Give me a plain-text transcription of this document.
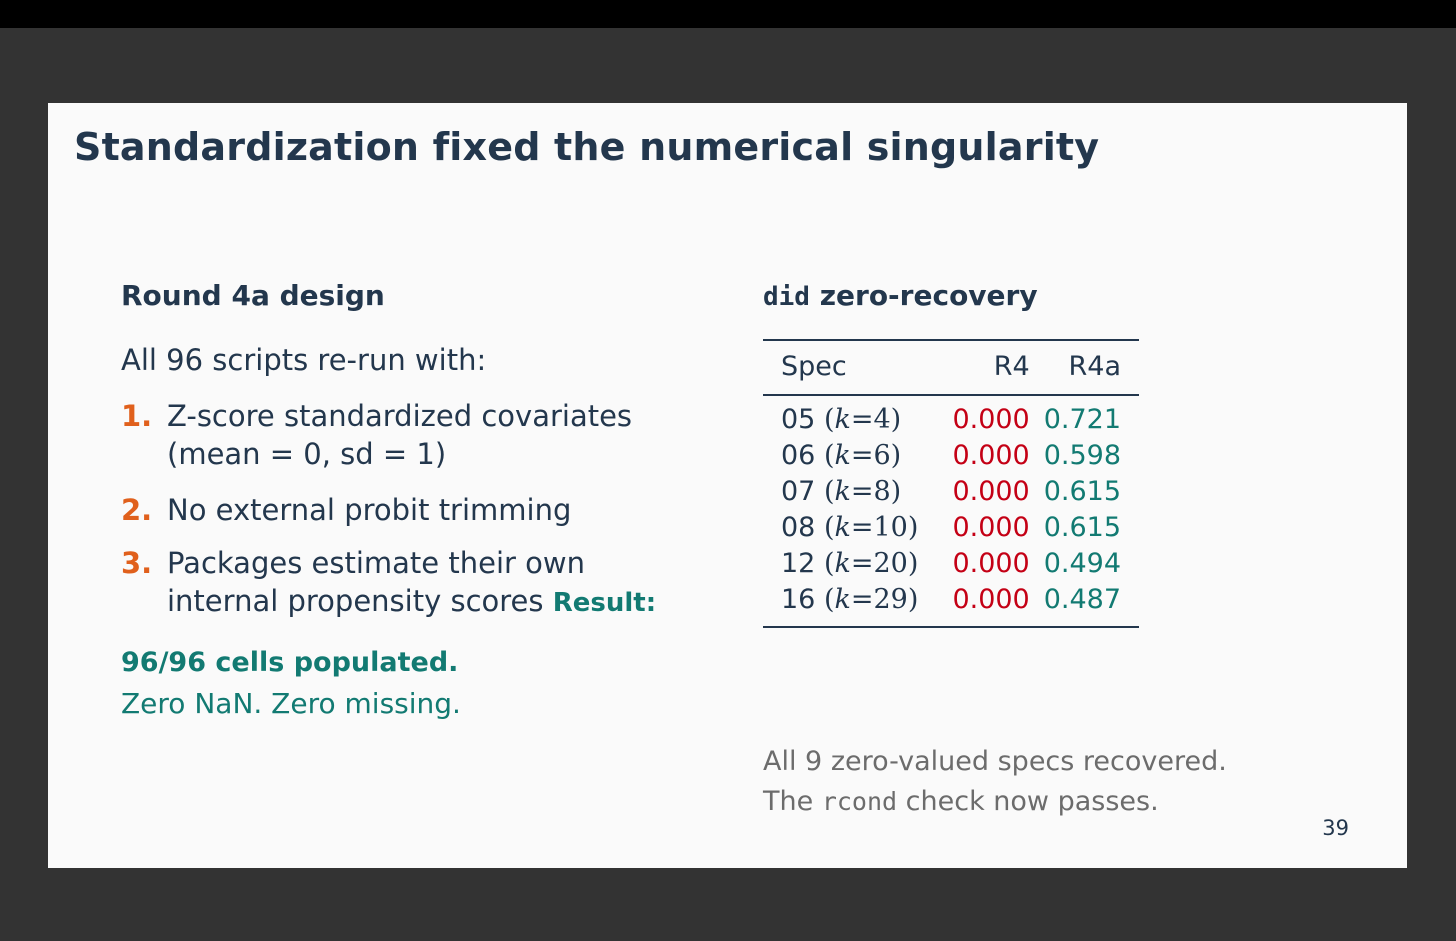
Standardization fixed the numerical singularity
Round 4a design
All 96 scripts re-run with:
1. Z-score standardized covariates
(mean = 0, sd = 1)
2. No external probit trimming
3. Packages estimate their own
internal propensity scores Result:
96/96 cells populated.
Zero NaN. Zero missing.
did zero-recovery
Spec	R4	R4a
05 (k=4)	0.000	0.721
06 (k=6)	0.000	0.598
07 (k=8)	0.000	0.615
08 (k=10)	0.000	0.615
12 (k=20)	0.000	0.494
16 (k=29)	0.000	0.487
All 9 zero-valued specs recovered.
The rcond check now passes.
39
